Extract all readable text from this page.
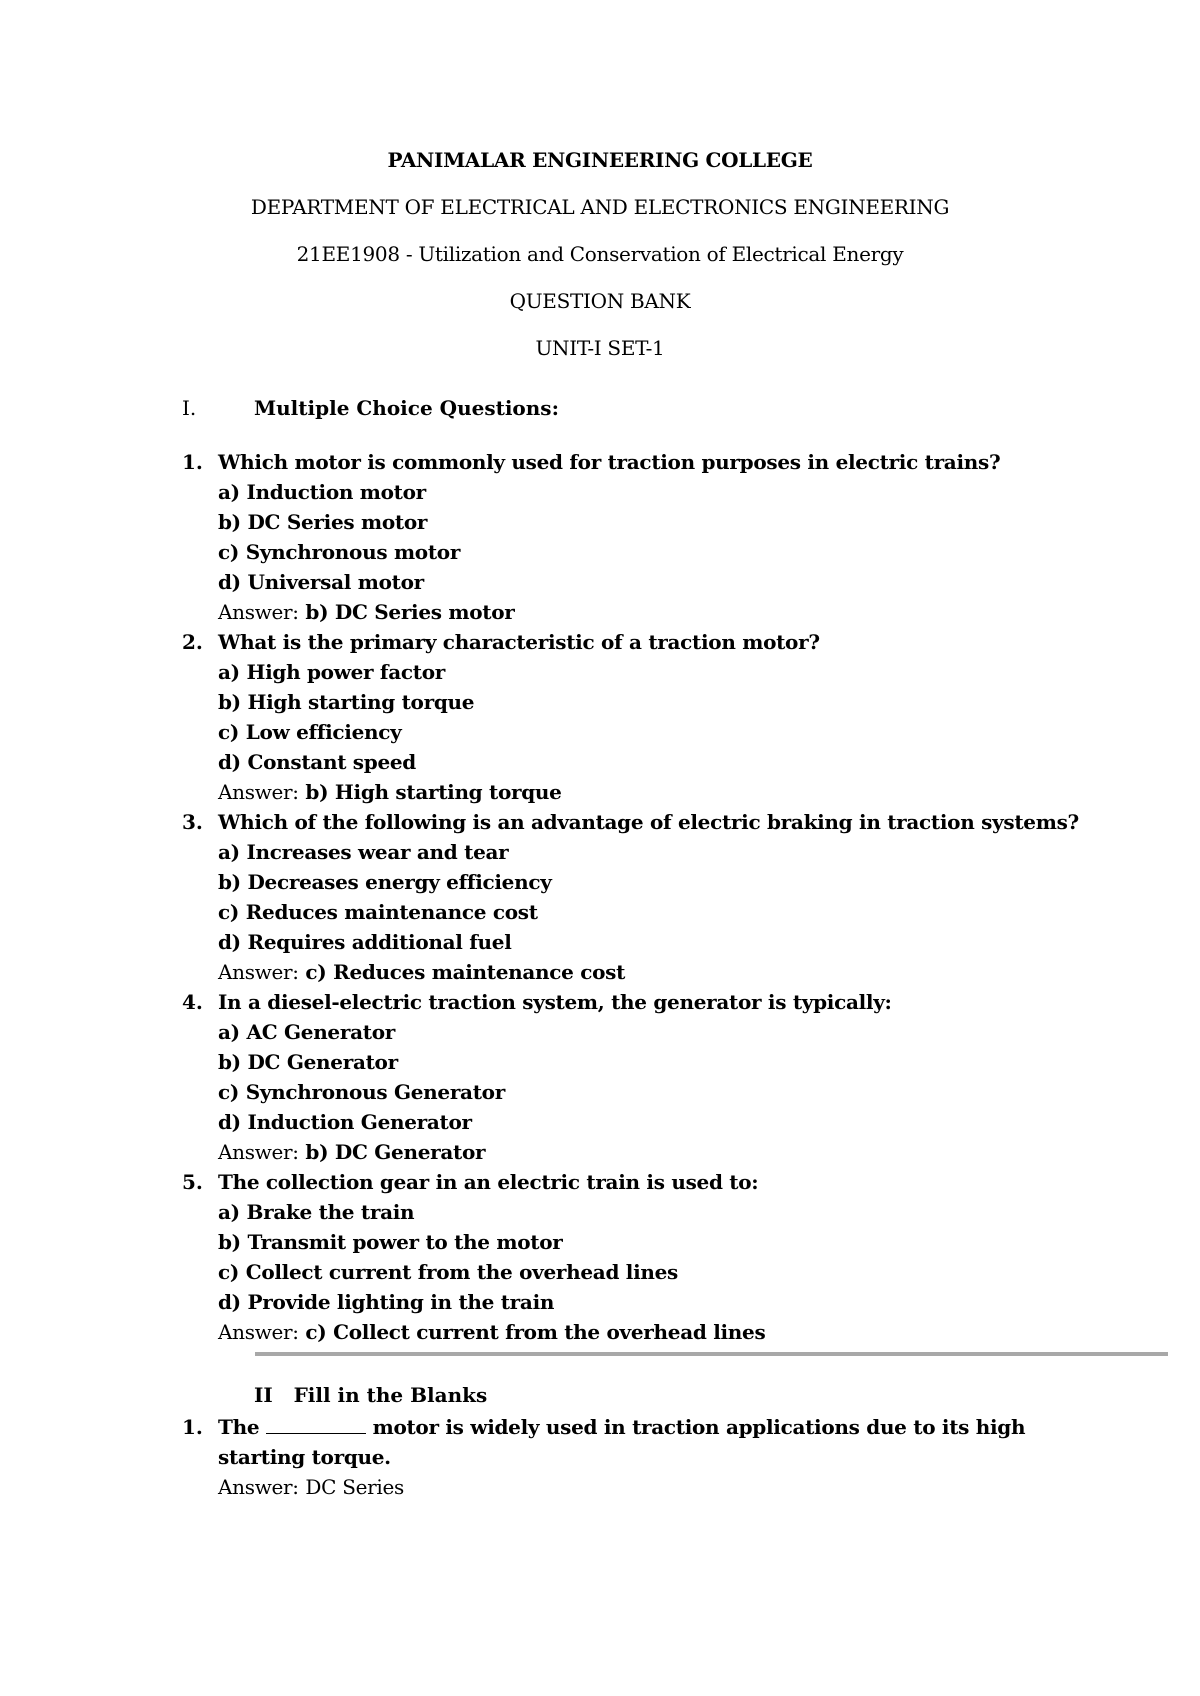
PANIMALAR ENGINEERING COLLEGE
DEPARTMENT OF ELECTRICAL AND ELECTRONICS ENGINEERING
21EE1908 - Utilization and Conservation of Electrical Energy
QUESTION BANK
UNIT-I SET-1
I.	Multiple Choice Questions:
1. Which motor is commonly used for traction purposes in electric trains?
a) Induction motor
b) DC Series motor
c) Synchronous motor
d) Universal motor
Answer: b) DC Series motor
2. What is the primary characteristic of a traction motor?
a) High power factor
b) High starting torque
c) Low efficiency
d) Constant speed
Answer: b) High starting torque
3. Which of the following is an advantage of electric braking in traction systems?
a) Increases wear and tear
b) Decreases energy efficiency
c) Reduces maintenance cost
d) Requires additional fuel
Answer: c) Reduces maintenance cost
4. In a diesel-electric traction system, the generator is typically:
a) AC Generator
b) DC Generator
c) Synchronous Generator
d) Induction Generator
Answer: b) DC Generator
5. The collection gear in an electric train is used to:
a) Brake the train
b) Transmit power to the motor
c) Collect current from the overhead lines
d) Provide lighting in the train
Answer: c) Collect current from the overhead lines
II   Fill in the Blanks
1. The	motor is widely used in traction applications due to its high
starting torque.
Answer: DC Series
